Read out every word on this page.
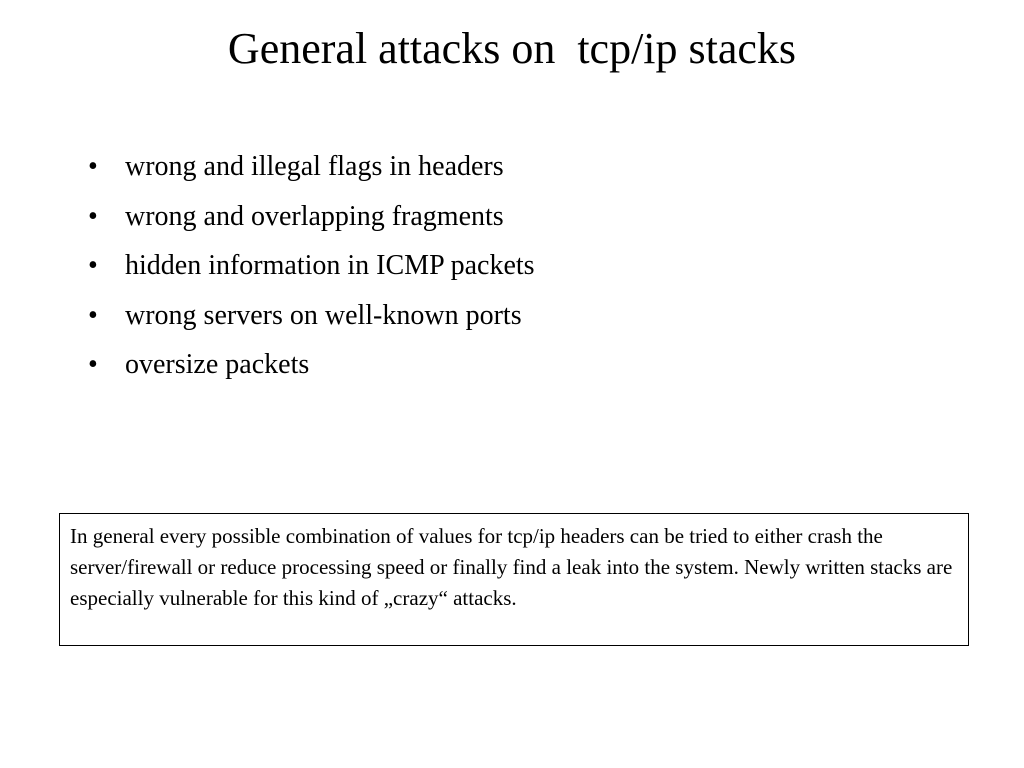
General attacks on  tcp/ip stacks
• wrong and illegal flags in headers
• wrong and overlapping fragments
• hidden information in ICMP packets
• wrong servers on well-known ports
• oversize packets
In general every possible combination of values for tcp/ip headers can be tried to either crash the server/firewall or reduce processing speed or finally find a leak into the system. Newly written stacks are especially vulnerable for this kind of „crazy“ attacks.
